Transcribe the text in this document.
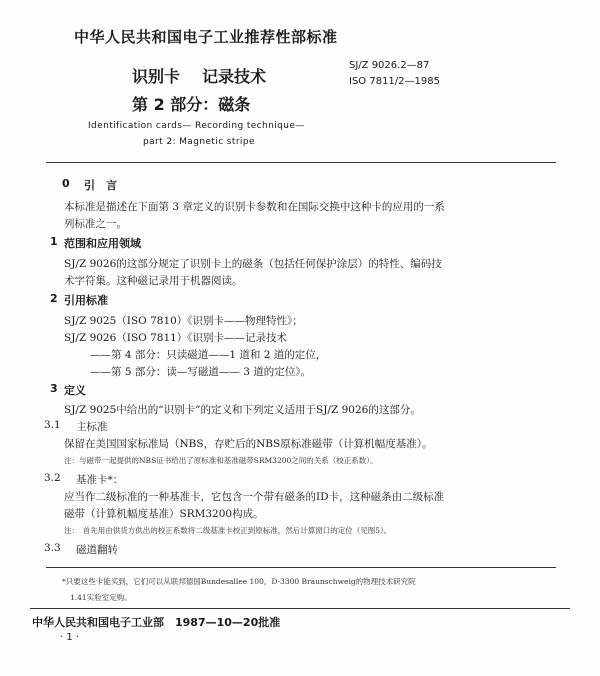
中华人民共和国电子工业推荐性部标准
识别卡 记录技术
第 2 部分：磁条
SJ/Z 9026.2—87
ISO 7811/2—1985
Identification cards— Recording technique—
part 2: Magnetic stripe
0 引　言
本标准是描述在下面第 3 章定义的识别卡参数和在国际交换中这种卡的应用的一系
列标准之一。
1 范围和应用领域
SJ/Z 9026的这部分规定了识别卡上的磁条（包括任何保护涂层）的特性、编码技
术字符集。这种磁记录用于机器阅读。
2 引用标准
SJ/Z 9025（ISO 7810）《识别卡——物理特性》；
SJ/Z 9026（ISO 7811）《识别卡——记录技术
——第 4 部分：只读磁道——1 道和 2 道的定位，
——第 5 部分：读—写磁道—— 3 道的定位》。
3 定义
SJ/Z 9025中给出的“识别卡”的定义和下列定义适用于SJ/Z 9026的这部分。
3.1 主标准
保留在美国国家标准局（NBS，存贮后的NBS原标准磁带（计算机幅度基准）。
注：与磁带一起提供的NBS证书给出了原标准和基准磁带SRM3200之间的关系（校正系数）。
3.2 基准卡*：
应当作二级标准的一种基准卡，它包含一个带有磁条的ID卡，这种磁条由二级标准
磁带（计算机幅度基准）SRM3200构成。
注：　首先用由供货方供出的校正系数将二级基准卡校正到原标准，然后计算窗口的定位（见图5）。
3.3 磁道翻转
*只要这些卡能买到，它们可以从联邦德国Bundesallee 100，D-3300 Braunschweig的物理技术研究院
1.41实验室定购。
中华人民共和国电子工业部　1987—10—20批准
· 1 ·
